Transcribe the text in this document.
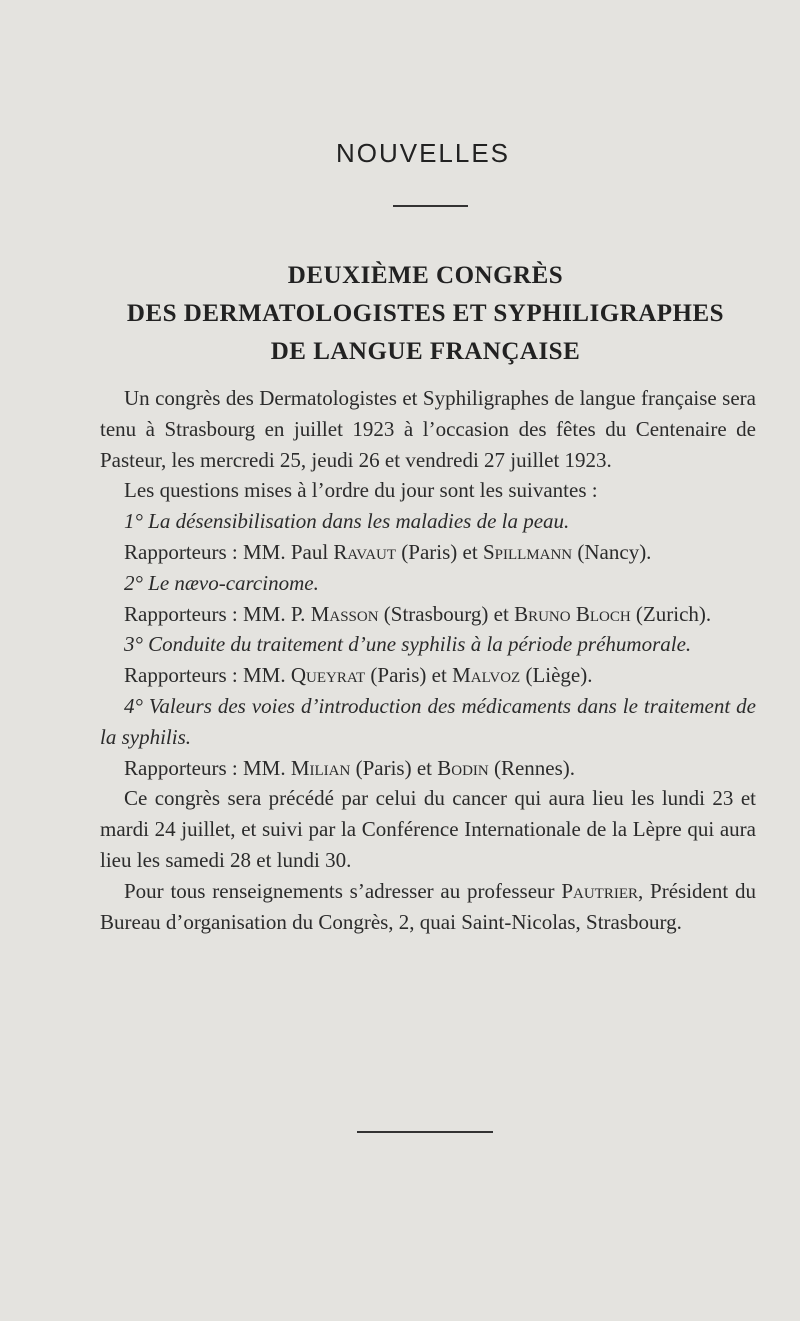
NOUVELLES
DEUXIÈME CONGRÈS
DES DERMATOLOGISTES ET SYPHILIGRAPHES
DE LANGUE FRANÇAISE

Un congrès des Dermatologistes et Syphiligraphes de langue française sera tenu à Strasbourg en juillet 1923 à l’occasion des fêtes du Centenaire de Pasteur, les mercredi 25, jeudi 26 et vendredi 27 juillet 1923.

Les questions mises à l’ordre du jour sont les suivantes :

1° La désensibilisation dans les maladies de la peau.

Rapporteurs : MM. Paul Ravaut (Paris) et Spillmann (Nancy).

2° Le nævo-carcinome.

Rapporteurs : MM. P. Masson (Strasbourg) et Bruno Bloch (Zurich).

3° Conduite du traitement d’une syphilis à la période préhumorale.

Rapporteurs : MM. Queyrat (Paris) et Malvoz (Liège).

4° Valeurs des voies d’introduction des médicaments dans le traitement de la syphilis.

Rapporteurs : MM. Milian (Paris) et Bodin (Rennes).

Ce congrès sera précédé par celui du cancer qui aura lieu les lundi 23 et mardi 24 juillet, et suivi par la Conférence Internationale de la Lèpre qui aura lieu les samedi 28 et lundi 30.

Pour tous renseignements s’adresser au professeur Pautrier, Président du Bureau d’organisation du Congrès, 2, quai Saint-Nicolas, Strasbourg.
